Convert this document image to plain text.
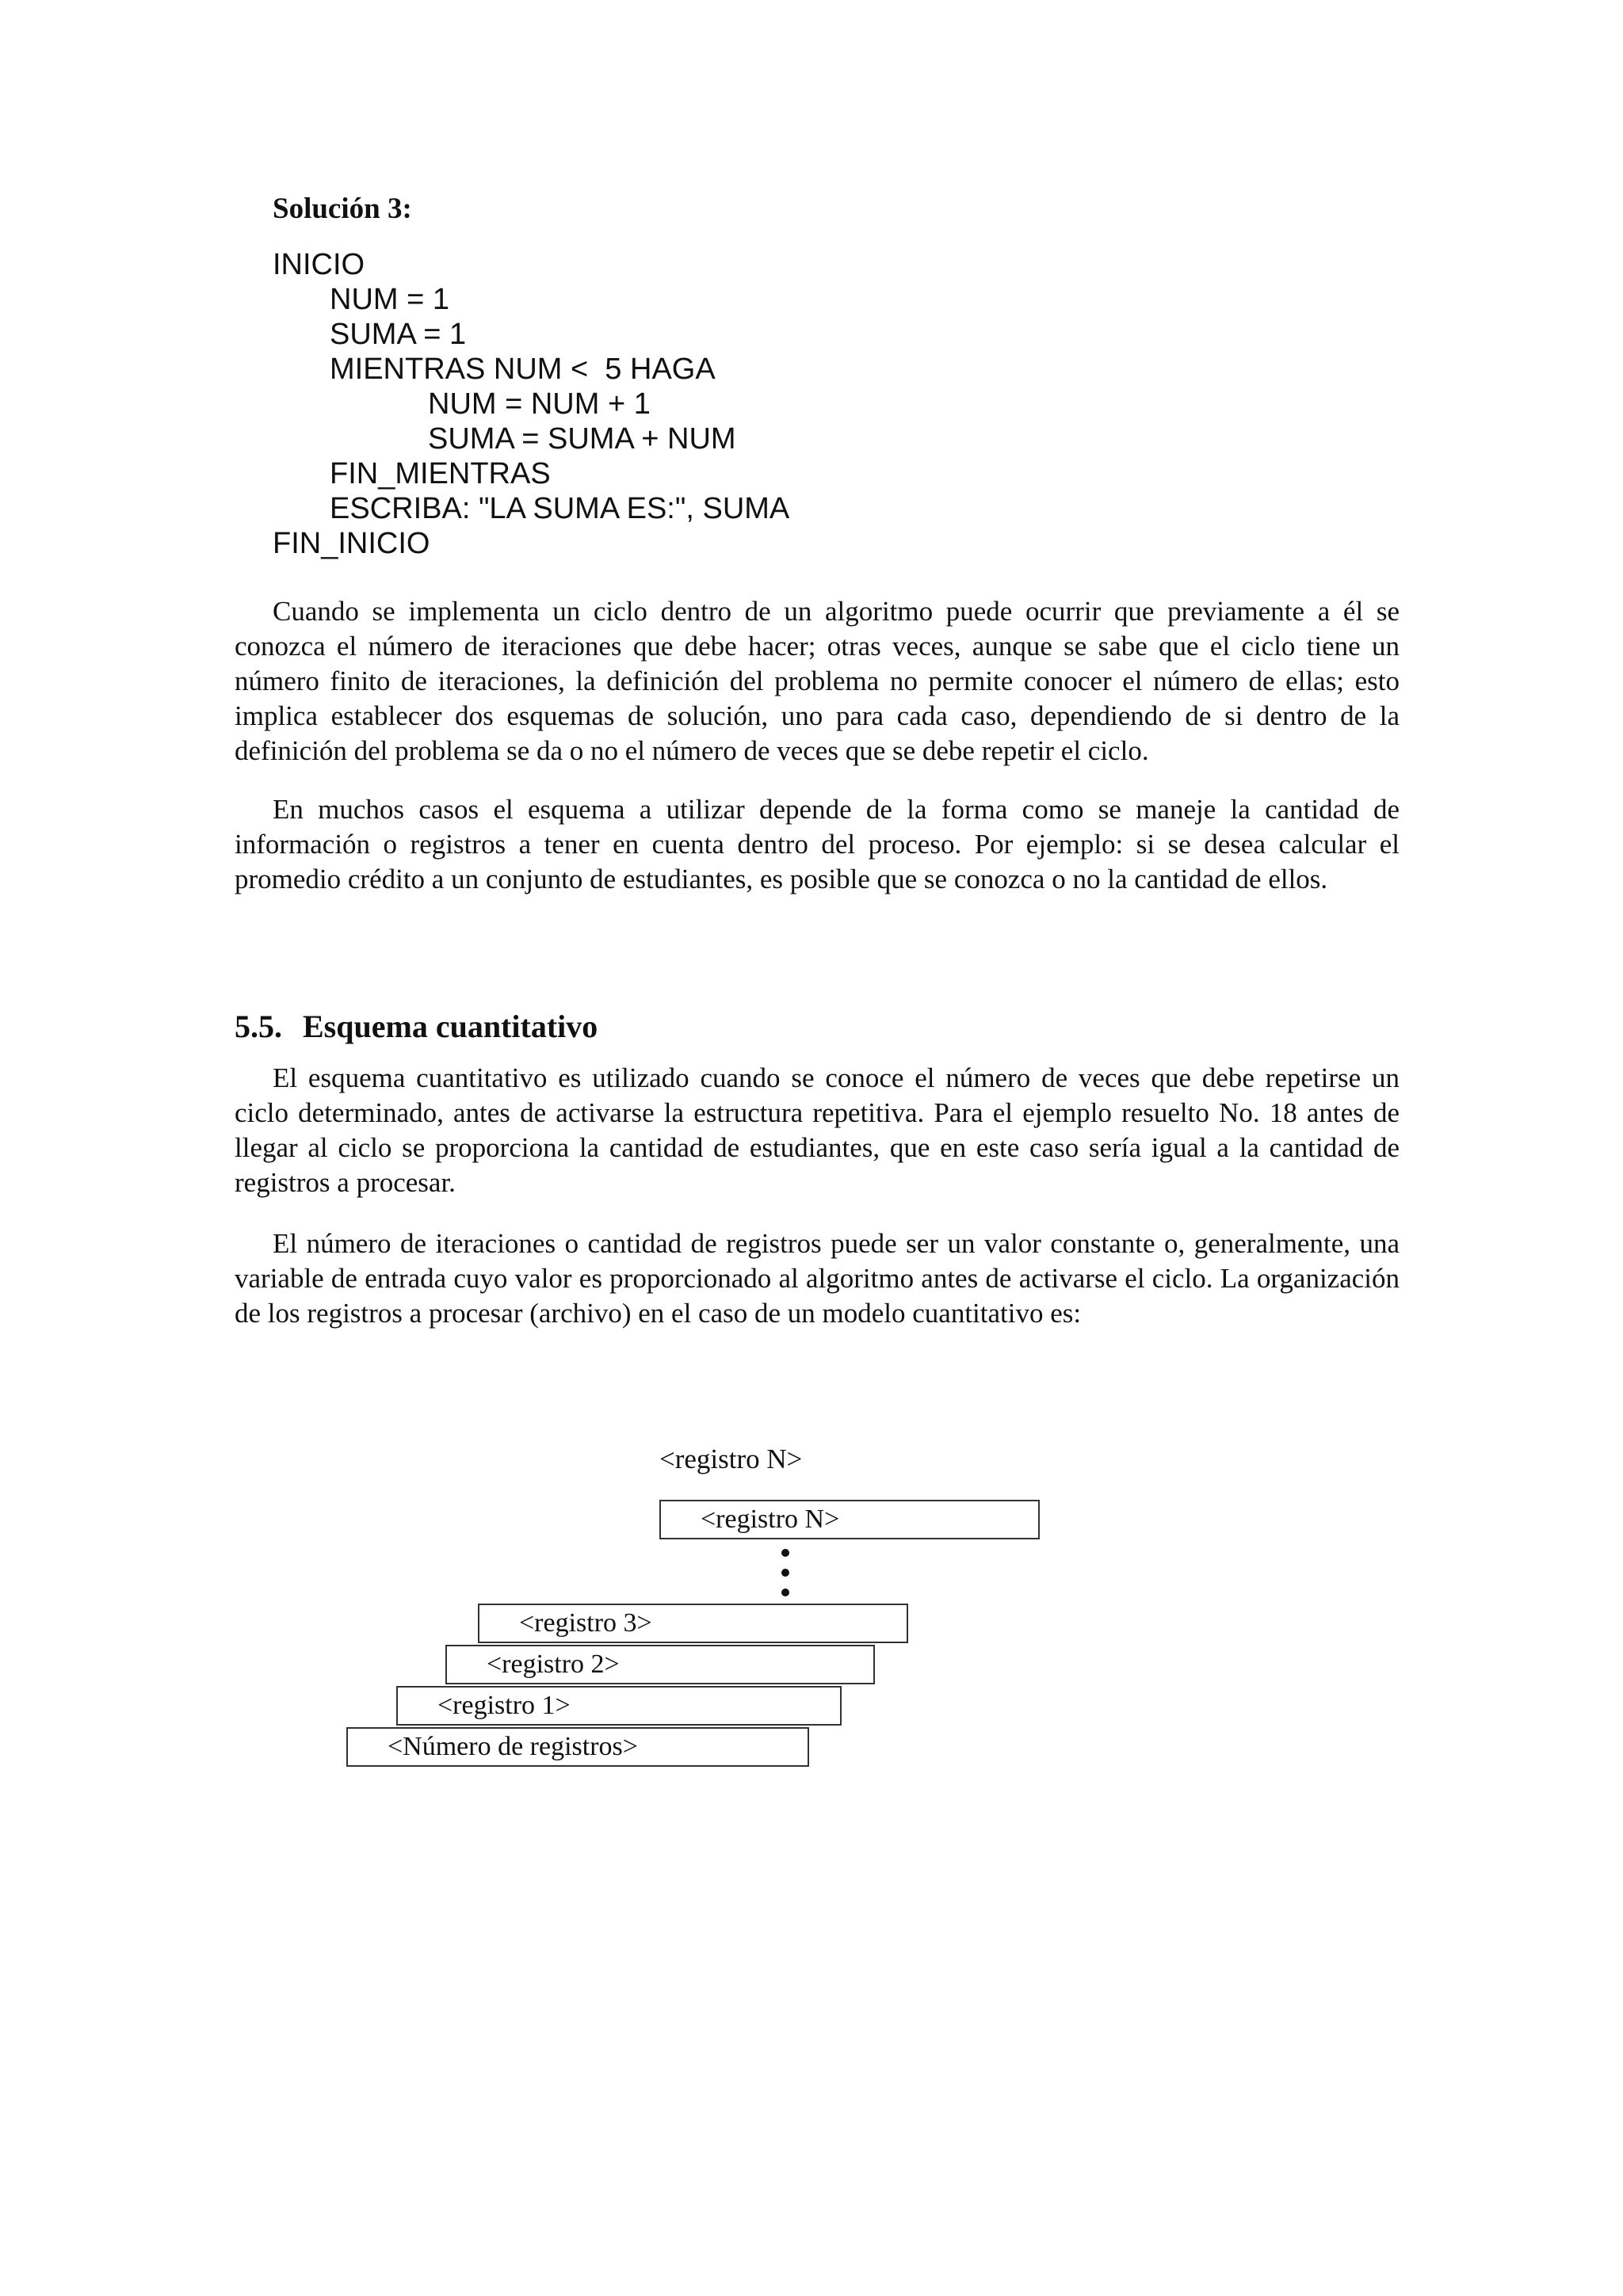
Solución 3:

INICIO
NUM = 1
SUMA = 1
MIENTRAS NUM <  5 HAGA
NUM = NUM + 1
SUMA = SUMA + NUM
FIN_MIENTRAS
ESCRIBA: "LA SUMA ES:", SUMA
FIN_INICIO

Cuando se implementa un ciclo dentro de un algoritmo puede ocurrir que previamente a él se conozca el número de iteraciones que debe hacer; otras veces, aunque se sabe que el ciclo tiene un número finito de iteraciones, la definición del problema no permite conocer el número de ellas; esto implica establecer dos esquemas de solución, uno para cada caso, dependiendo de si dentro de la definición del problema se da o no el número de veces que se debe repetir el ciclo.

En muchos casos el esquema a utilizar depende de la forma como se maneje la cantidad de información o registros a tener en cuenta dentro del proceso. Por ejemplo: si se desea calcular el promedio crédito a un conjunto de estudiantes, es posible que se conozca o no la cantidad de ellos.

5.5. Esquema cuantitativo

El esquema cuantitativo es utilizado cuando se conoce el número de veces que debe repetirse un ciclo determinado, antes de activarse la estructura repetitiva. Para el ejemplo resuelto No. 18 antes de llegar al ciclo se proporciona la cantidad de estudiantes, que en este caso sería igual a la cantidad de registros a procesar.

El número de iteraciones o cantidad de registros puede ser un valor constante o, generalmente, una variable de entrada cuyo valor es proporcionado al algoritmo antes de activarse el ciclo. La organización de los registros a procesar (archivo) en el caso de un modelo cuantitativo es:

<registro N>
<registro N>
<registro 3>
<registro 2>
<registro 1>
<Número de registros>
